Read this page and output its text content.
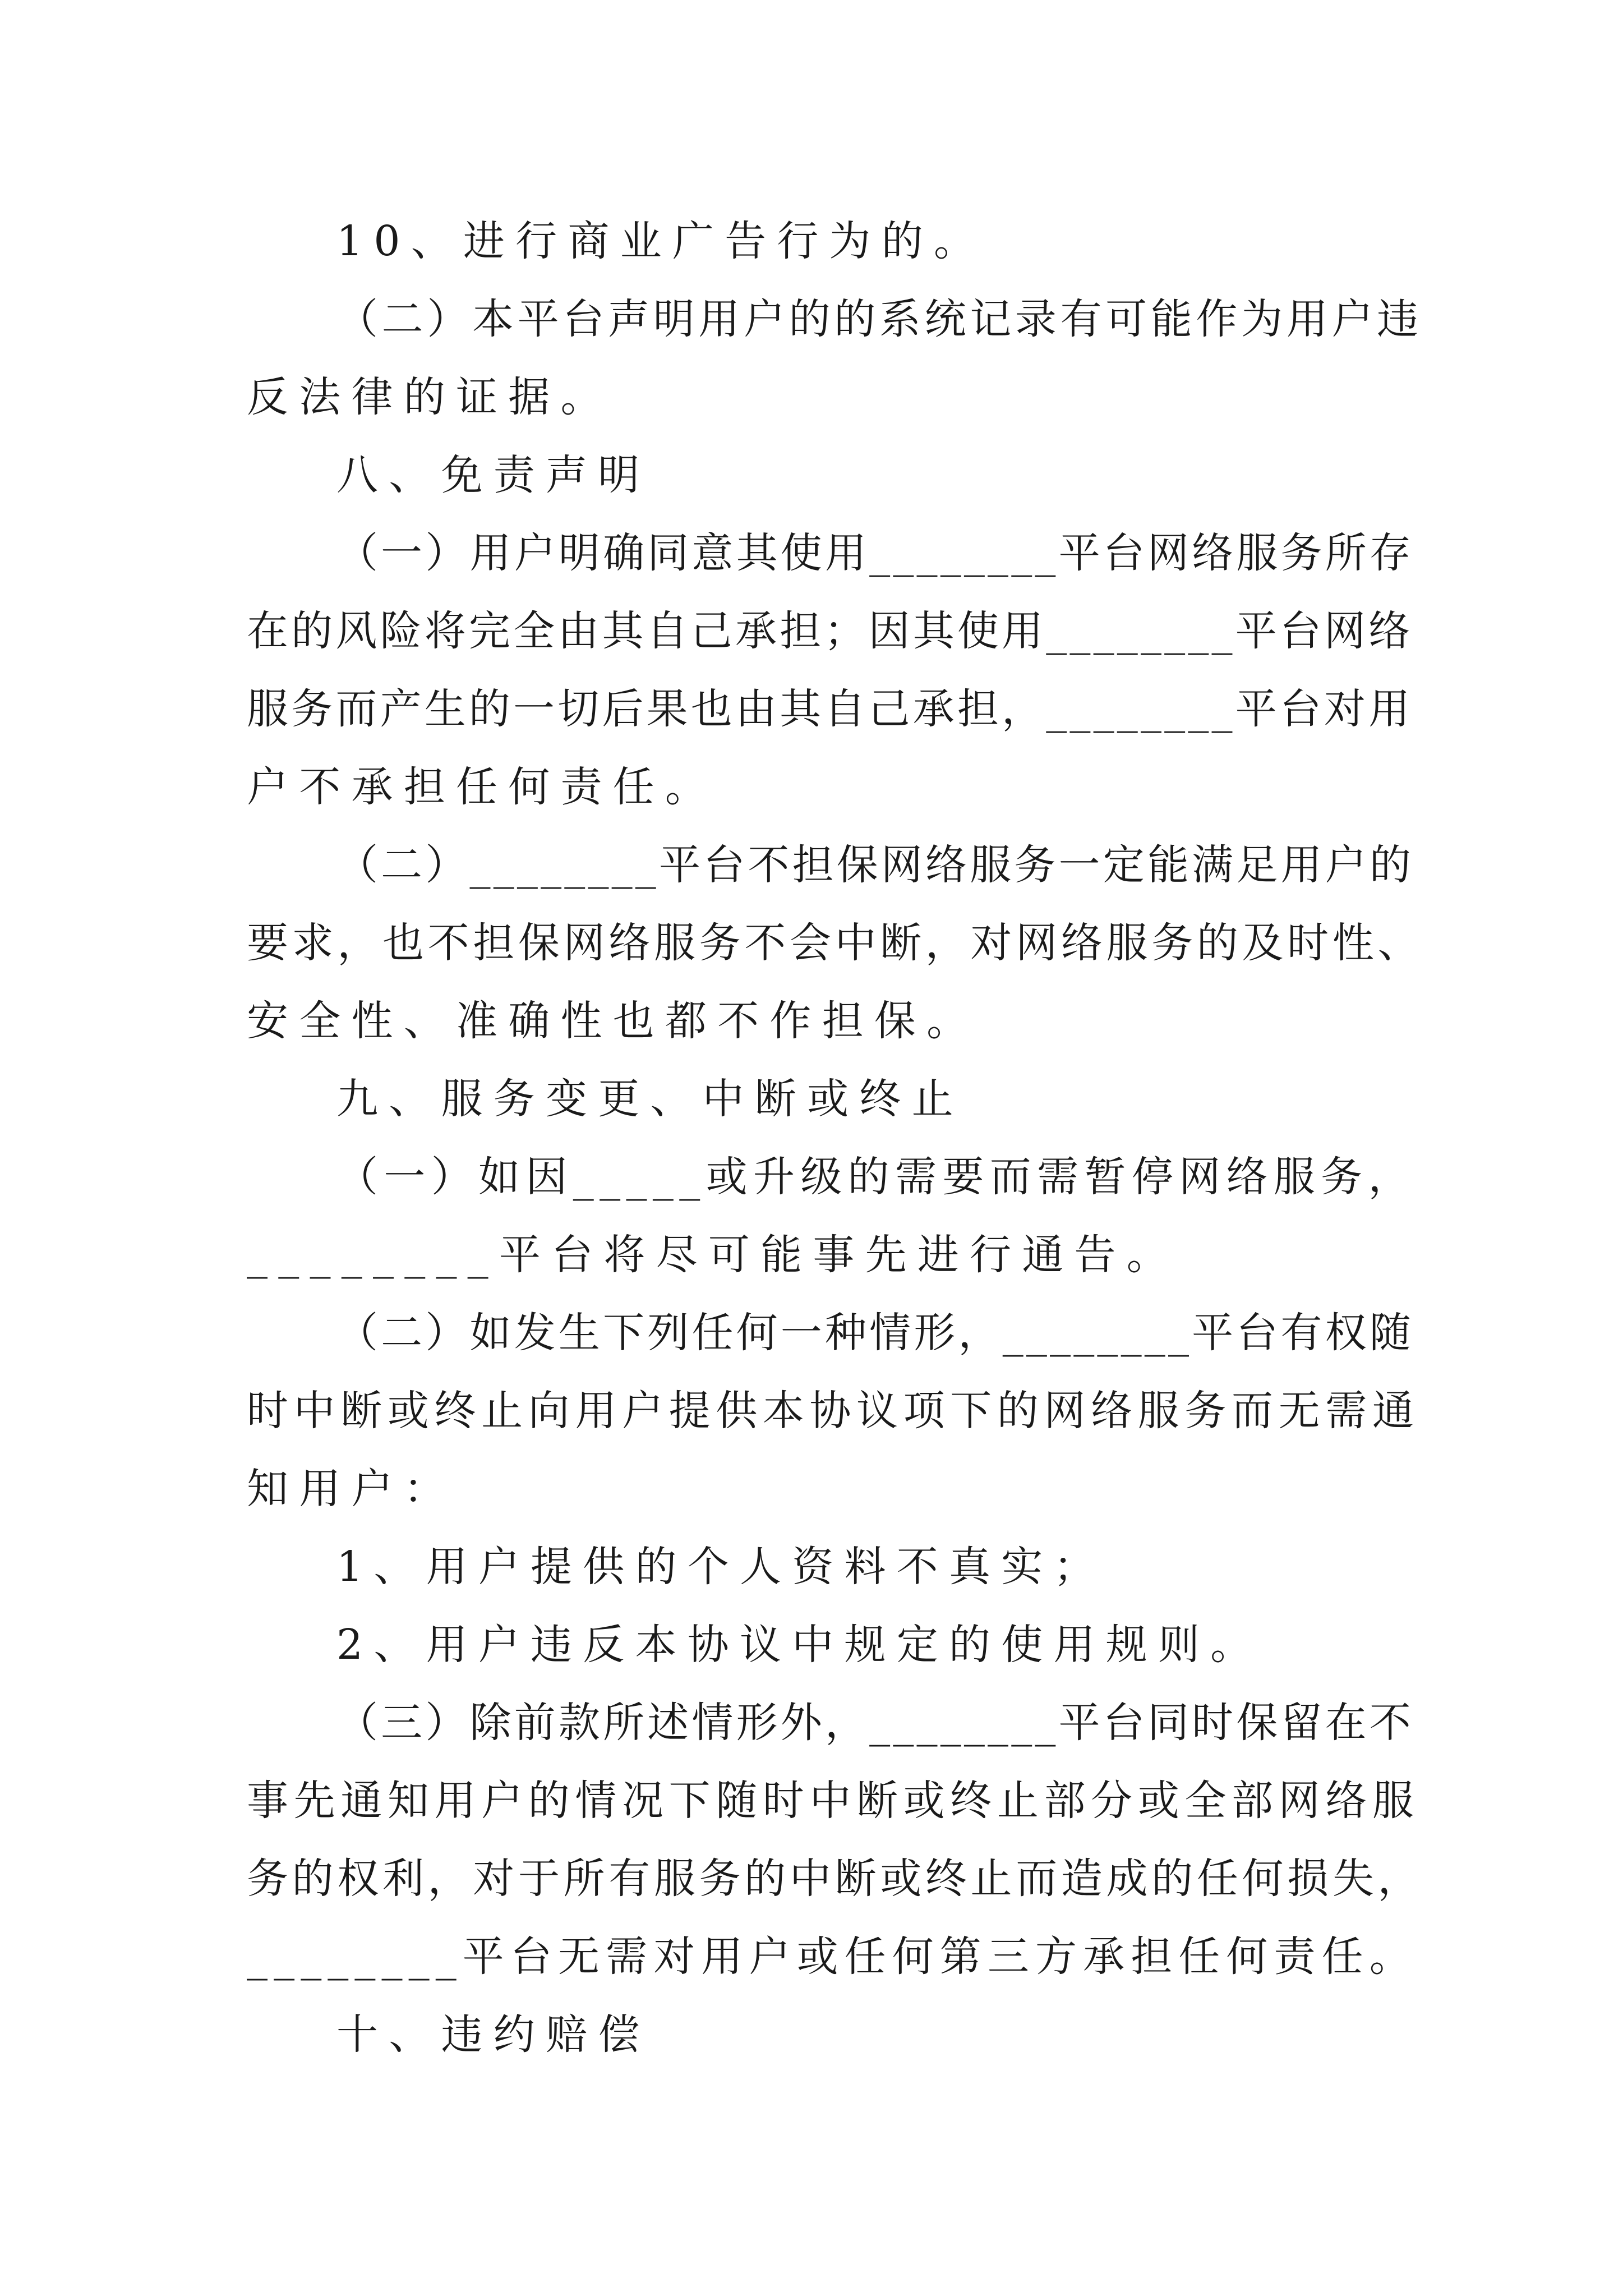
10、进行商业广告行为的。
（二）本平台声明用户的的系统记录有可能作为用户违
反法律的证据。
八、免责声明
（一）用户明确同意其使用________平台网络服务所存
在的风险将完全由其自己承担；因其使用________平台网络
服务而产生的一切后果也由其自己承担，________平台对用
户不承担任何责任。
（二）________平台不担保网络服务一定能满足用户的
要求，也不担保网络服务不会中断，对网络服务的及时性、
安全性、准确性也都不作担保。
九、服务变更、中断或终止
（一）如因_____或升级的需要而需暂停网络服务，
________平台将尽可能事先进行通告。
（二）如发生下列任何一种情形，________平台有权随
时中断或终止向用户提供本协议项下的网络服务而无需通
知用户：
1、用户提供的个人资料不真实；
2、用户违反本协议中规定的使用规则。
（三）除前款所述情形外，________平台同时保留在不
事先通知用户的情况下随时中断或终止部分或全部网络服
务的权利，对于所有服务的中断或终止而造成的任何损失，
________平台无需对用户或任何第三方承担任何责任。
十、违约赔偿
